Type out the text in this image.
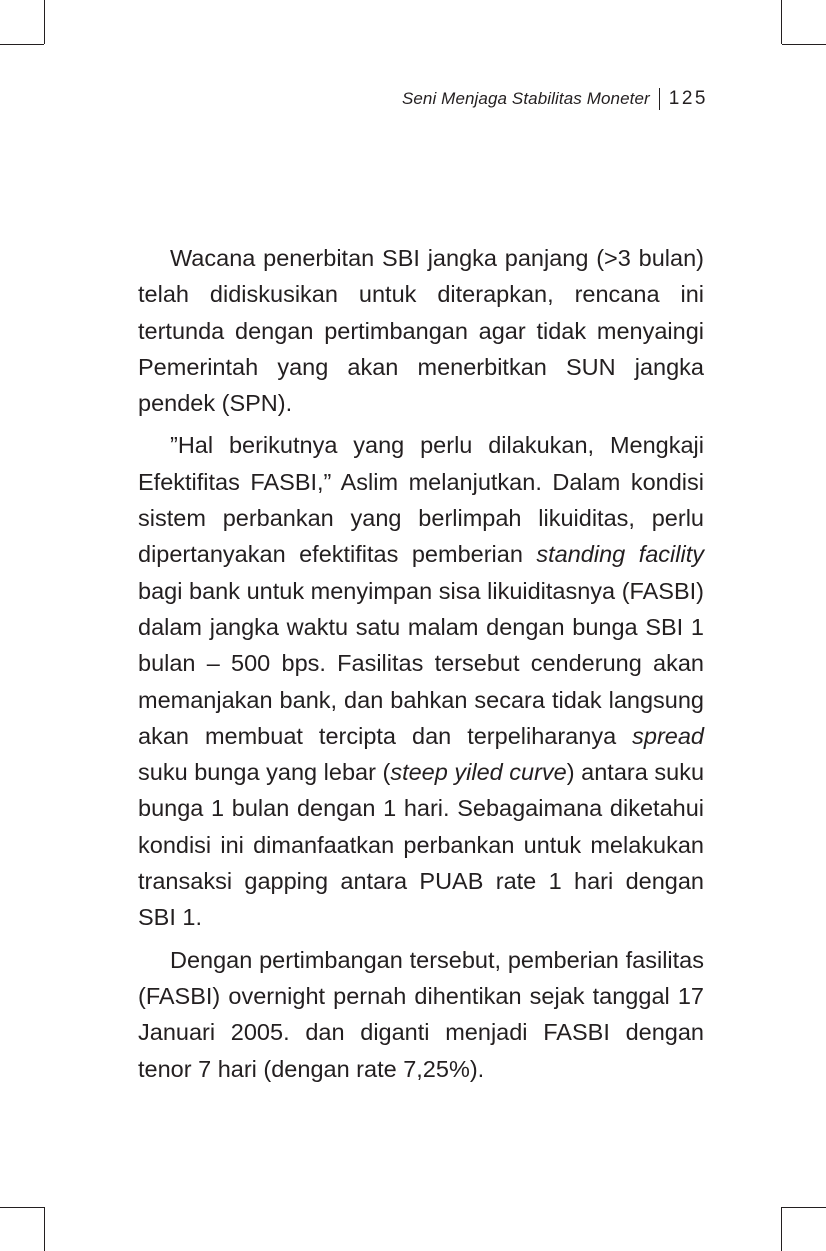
Seni Menjaga Stabilitas Moneter 125

Wacana penerbitan SBI jangka panjang (>3 bulan) telah didiskusikan untuk diterapkan, rencana ini tertunda dengan pertimbangan agar tidak menyaingi Pemerintah yang akan menerbitkan SUN jangka pendek (SPN).

”Hal berikutnya yang perlu dilakukan, Mengkaji Efektifitas FASBI,” Aslim melanjutkan. Dalam kondisi sistem perbankan yang berlimpah likuiditas, perlu dipertanyakan efektifitas pemberian standing facility bagi bank untuk menyimpan sisa likuiditasnya (FASBI) dalam jangka waktu satu malam dengan bunga SBI 1 bulan – 500 bps. Fasilitas tersebut cenderung akan memanjakan bank, dan bahkan secara tidak langsung akan membuat tercipta dan terpeliharanya spread suku bunga yang lebar (steep yiled curve) antara suku bunga 1 bulan dengan 1 hari. Sebagaimana diketahui kondisi ini dimanfaatkan perbankan untuk melakukan transaksi gapping antara PUAB rate 1 hari dengan SBI 1.

Dengan pertimbangan tersebut, pemberian fasilitas (FASBI) overnight pernah dihentikan sejak tanggal 17 Januari 2005. dan diganti menjadi FASBI dengan tenor 7 hari (dengan rate 7,25%).
